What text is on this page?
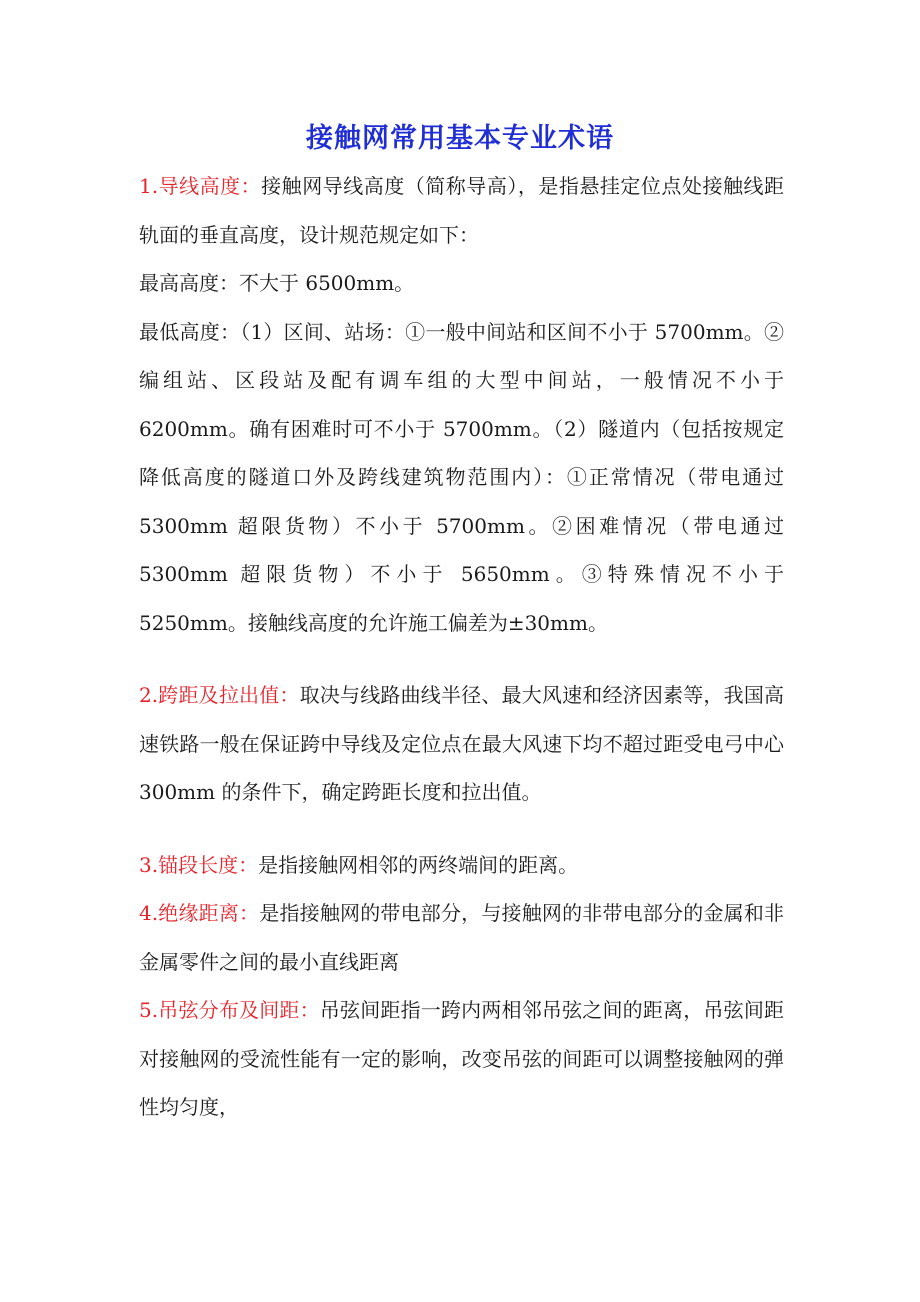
接触网常用基本专业术语

1.导线高度：接触网导线高度（简称导高），是指悬挂定位点处接触线距轨面的垂直高度，设计规范规定如下：

最高高度：不大于 6500mm。

最低高度：（1）区间、站场：①一般中间站和区间不小于 5700mm。②编组站、区段站及配有调车组的大型中间站，一般情况不小于 6200mm。确有困难时可不小于 5700mm。（2）隧道内（包括按规定降低高度的隧道口外及跨线建筑物范围内）：①正常情况（带电通过 5300mm 超限货物）不小于 5700mm。②困难情况（带电通过 5300mm 超限货物）不小于 5650mm。③特殊情况不小于 5250mm。接触线高度的允许施工偏差为±30mm。

2.跨距及拉出值：取决与线路曲线半径、最大风速和经济因素等，我国高速铁路一般在保证跨中导线及定位点在最大风速下均不超过距受电弓中心 300mm 的条件下，确定跨距长度和拉出值。

3.锚段长度：是指接触网相邻的两终端间的距离。

4.绝缘距离：是指接触网的带电部分，与接触网的非带电部分的金属和非金属零件之间的最小直线距离

5.吊弦分布及间距：吊弦间距指一跨内两相邻吊弦之间的距离，吊弦间距对接触网的受流性能有一定的影响，改变吊弦的间距可以调整接触网的弹性均匀度，
